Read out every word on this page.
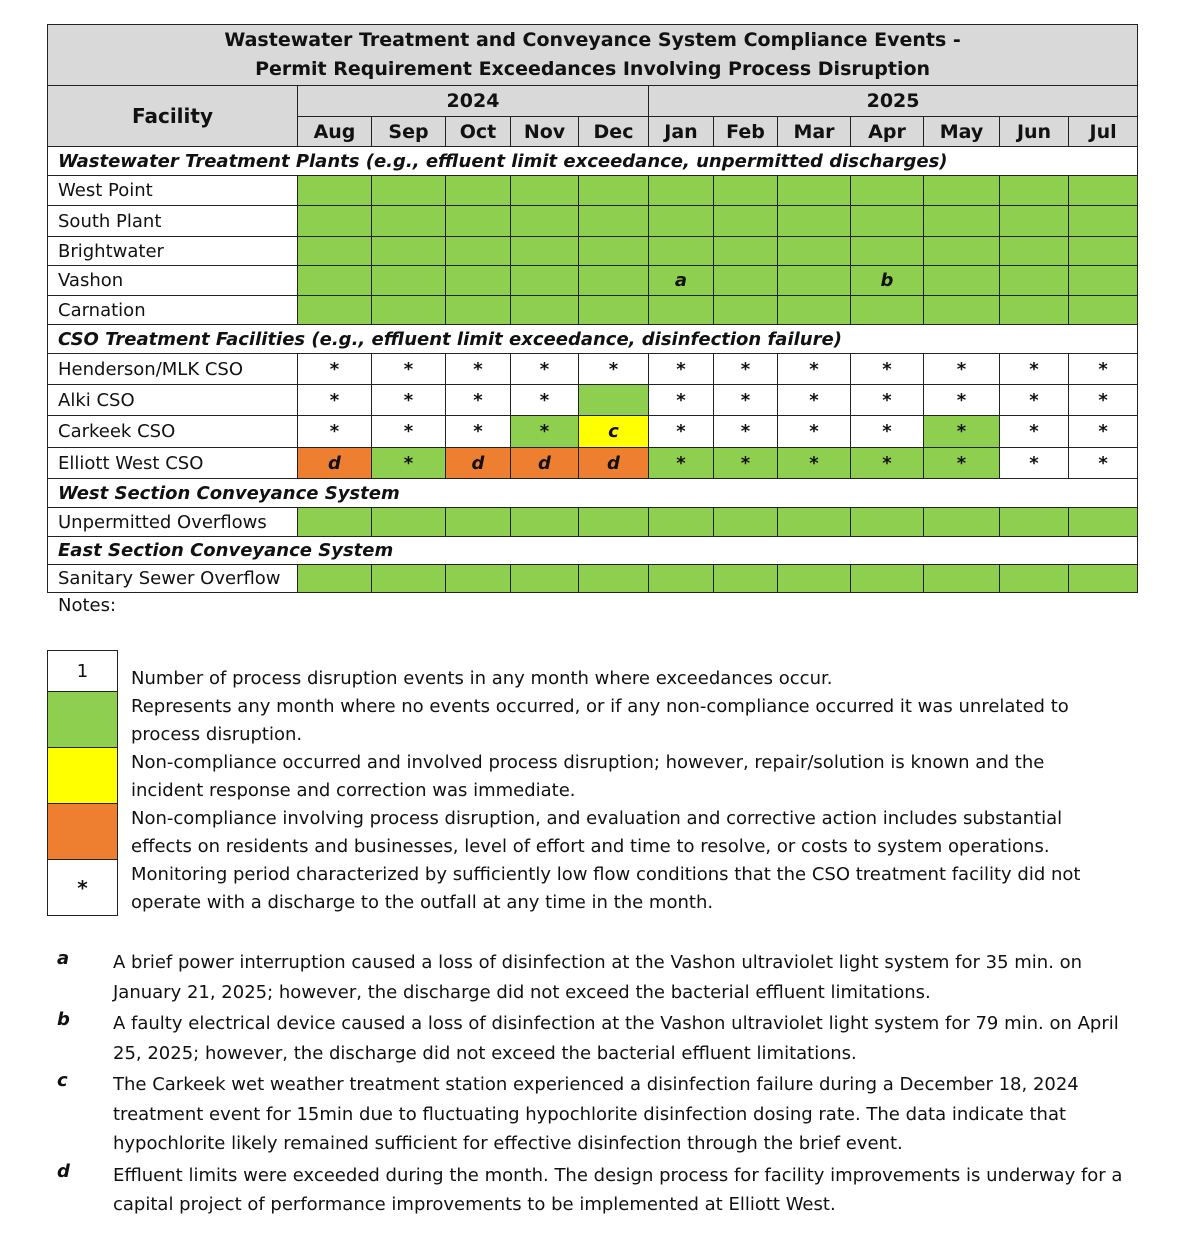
Wastewater Treatment and Conveyance System Compliance Events -
Permit Requirement Exceedances Involving Process Disruption												

Facility	2024					2025						
	Aug	Sep	Oct	Nov	Dec	Jan	Feb	Mar	Apr	May	Jun	Jul
Wastewater Treatment Plants (e.g., effluent limit exceedance, unpermitted discharges)												
West Point												
South Plant												
Brightwater												
Vashon						a			b			
Carnation												
CSO Treatment Facilities (e.g., effluent limit exceedance, disinfection failure)												
Henderson/MLK CSO	*	*	*	*	*	*	*	*	*	*	*	*
Alki CSO	*	*	*	*		*	*	*	*	*	*	*
Carkeek CSO	*	*	*	*	c	*	*	*	*	*	*	*
Elliott West CSO	d	*	d	d	d	*	*	*	*	*	*	*
West Section Conveyance System												
Unpermitted Overflows												
East Section Conveyance System												
Sanitary Sewer Overflow												
Notes:
1	Number of process disruption events in any month where exceedances occur.
Represents any month where no events occurred, or if any non-compliance occurred it was unrelated to process disruption.
Non-compliance occurred and involved process disruption; however, repair/solution is known and the incident response and correction was immediate.
Non-compliance involving process disruption, and evaluation and corrective action includes substantial effects on residents and businesses, level of effort and time to resolve, or costs to system operations.
*
Monitoring period characterized by sufficiently low flow conditions that the CSO treatment facility did not operate with a discharge to the outfall at any time in the month.
a A brief power interruption caused a loss of disinfection at the Vashon ultraviolet light system for 35 min. on January 21, 2025; however, the discharge did not exceed the bacterial effluent limitations.
b A faulty electrical device caused a loss of disinfection at the Vashon ultraviolet light system for 79 min. on April 25, 2025; however, the discharge did not exceed the bacterial effluent limitations.
c	The Carkeek wet weather treatment station experienced a disinfection failure during a December 18, 2024 treatment event for 15min due to fluctuating hypochlorite disinfection dosing rate. The data indicate that hypochlorite likely remained sufficient for effective disinfection through the brief event.
d Effluent limits were exceeded during the month. The design process for facility improvements is underway for a capital project of performance improvements to be implemented at Elliott West.
